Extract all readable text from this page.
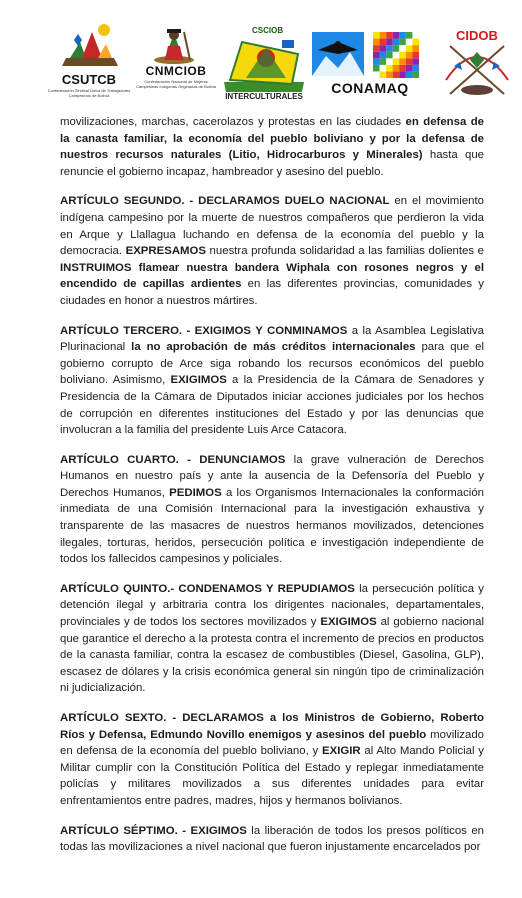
CSUTCB
Confederación Sindical Única de Trabajadores Campesinos de Bolivia
CNMCIOB
Confederación Nacional de Mujeres Campesinas Indígenas Originarias de Bolivia
CSCIOB
INTERCULTURALES
CONAMAQ
CIDOB

movilizaciones, marchas, cacerolazos y protestas en las ciudades en defensa de la canasta familiar, la economía del pueblo boliviano y por la defensa de nuestros recursos naturales (Litio, Hidrocarburos y Minerales) hasta que renuncie el gobierno incapaz, hambreador y asesino del pueblo.

ARTÍCULO SEGUNDO. - DECLARAMOS DUELO NACIONAL en el movimiento indígena campesino por la muerte de nuestros compañeros que perdieron la vida en Arque y Llallagua luchando en defensa de la economía del pueblo y la democracia. EXPRESAMOS nuestra profunda solidaridad a las familias dolientes e INSTRUIMOS flamear nuestra bandera Wiphala con rosones negros y el encendido de capillas ardientes en las diferentes provincias, comunidades y ciudades en honor a nuestros mártires.

ARTÍCULO TERCERO. - EXIGIMOS Y CONMINAMOS a la Asamblea Legislativa Plurinacional la no aprobación de más créditos internacionales para que el gobierno corrupto de Arce siga robando los recursos económicos del pueblo boliviano. Asimismo, EXIGIMOS a la Presidencia de la Cámara de Senadores y Presidencia de la Cámara de Diputados iniciar acciones judiciales por los hechos de corrupción en diferentes instituciones del Estado y por las denuncias que involucran a la familia del presidente Luis Arce Catacora.

ARTÍCULO CUARTO. - DENUNCIAMOS la grave vulneración de Derechos Humanos en nuestro país y ante la ausencia de la Defensoría del Pueblo y Derechos Humanos, PEDIMOS a los Organismos Internacionales la conformación inmediata de una Comisión Internacional para la investigación exhaustiva y transparente de las masacres de nuestros hermanos movilizados, detenciones ilegales, torturas, heridos, persecución política e investigación independiente de todos los fallecidos campesinos y policiales.

ARTÍCULO QUINTO.- CONDENAMOS Y REPUDIAMOS la persecución política y detención ilegal y arbitraria contra los dirigentes nacionales, departamentales, provinciales y de todos los sectores movilizados y EXIGIMOS al gobierno nacional que garantice el derecho a la protesta contra el incremento de precios en productos de la canasta familiar, contra la escasez de combustibles (Diesel, Gasolina, GLP), escasez de dólares y la crisis económica general sin ningún tipo de criminalización ni judicialización.

ARTÍCULO SEXTO. - DECLARAMOS a los Ministros de Gobierno, Roberto Ríos y Defensa, Edmundo Novillo enemigos y asesinos del pueblo movilizado en defensa de la economía del pueblo boliviano, y EXIGIR al Alto Mando Policial y Militar cumplir con la Constitución Política del Estado y replegar inmediatamente policías y militares movilizados a sus diferentes unidades para evitar enfrentamientos entre padres, madres, hijos y hermanos bolivianos.

ARTÍCULO SÉPTIMO. - EXIGIMOS la liberación de todos los presos políticos en todas las movilizaciones a nivel nacional que fueron injustamente encarcelados por
